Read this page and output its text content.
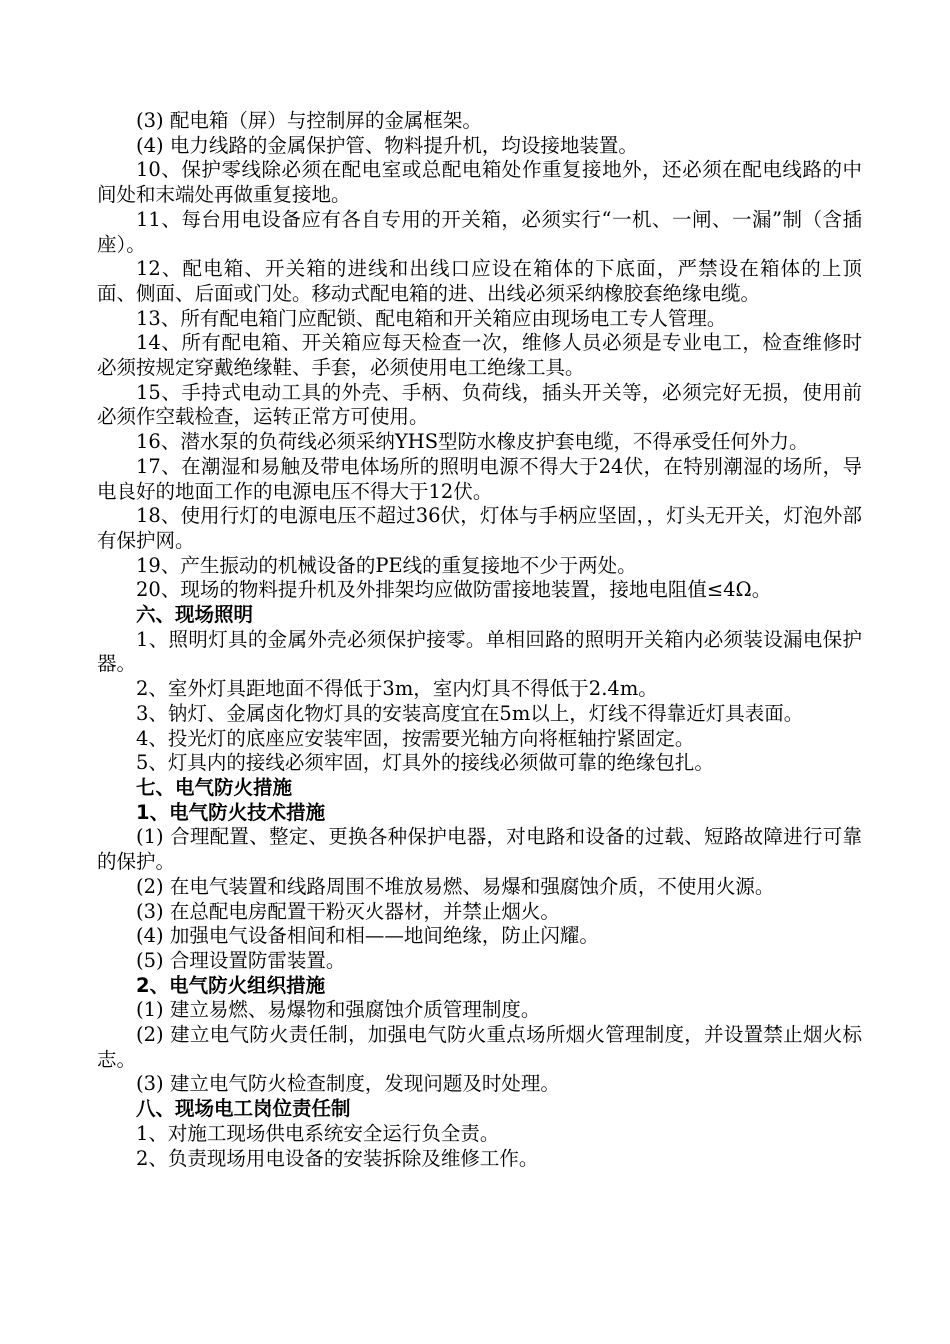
(3) 配电箱（屏）与控制屏的金属框架。

(4) 电力线路的金属保护管、物料提升机，均设接地装置。

10、保护零线除必须在配电室或总配电箱处作重复接地外，还必须在配电线路的中间处和末端处再做重复接地。

11、每台用电设备应有各自专用的开关箱，必须实行“一机、一闸、一漏”制（含插座）。

12、配电箱、开关箱的进线和出线口应设在箱体的下底面，严禁设在箱体的上顶面、侧面、后面或门处。移动式配电箱的进、出线必须采纳橡胶套绝缘电缆。

13、所有配电箱门应配锁、配电箱和开关箱应由现场电工专人管理。

14、所有配电箱、开关箱应每天检查一次，维修人员必须是专业电工，检查维修时必须按规定穿戴绝缘鞋、手套，必须使用电工绝缘工具。

15、手持式电动工具的外壳、手柄、负荷线，插头开关等，必须完好无损，使用前必须作空载检查，运转正常方可使用。

16、潜水泵的负荷线必须采纳YHS型防水橡皮护套电缆，不得承受任何外力。

17、在潮湿和易触及带电体场所的照明电源不得大于24伏，在特别潮湿的场所，导电良好的地面工作的电源电压不得大于12伏。

18、使用行灯的电源电压不超过36伏，灯体与手柄应坚固，，灯头无开关，灯泡外部有保护网。

19、产生振动的机械设备的PE线的重复接地不少于两处。

20、现场的物料提升机及外排架均应做防雷接地装置，接地电阻值≤4Ω。

六、现场照明

1、照明灯具的金属外壳必须保护接零。单相回路的照明开关箱内必须装设漏电保护器。

2、室外灯具距地面不得低于3m，室内灯具不得低于2.4m。

3、钠灯、金属卤化物灯具的安装高度宜在5m以上，灯线不得靠近灯具表面。

4、投光灯的底座应安装牢固，按需要光轴方向将框轴拧紧固定。

5、灯具内的接线必须牢固，灯具外的接线必须做可靠的绝缘包扎。

七、电气防火措施

1、电气防火技术措施

(1) 合理配置、整定、更换各种保护电器，对电路和设备的过载、短路故障进行可靠的保护。

(2) 在电气装置和线路周围不堆放易燃、易爆和强腐蚀介质，不使用火源。

(3) 在总配电房配置干粉灭火器材，并禁止烟火。

(4) 加强电气设备相间和相——地间绝缘，防止闪耀。

(5) 合理设置防雷装置。

2、电气防火组织措施

(1) 建立易燃、易爆物和强腐蚀介质管理制度。

(2) 建立电气防火责任制，加强电气防火重点场所烟火管理制度，并设置禁止烟火标志。

(3) 建立电气防火检查制度，发现问题及时处理。

八、现场电工岗位责任制

1、对施工现场供电系统安全运行负全责。

2、负责现场用电设备的安装拆除及维修工作。
